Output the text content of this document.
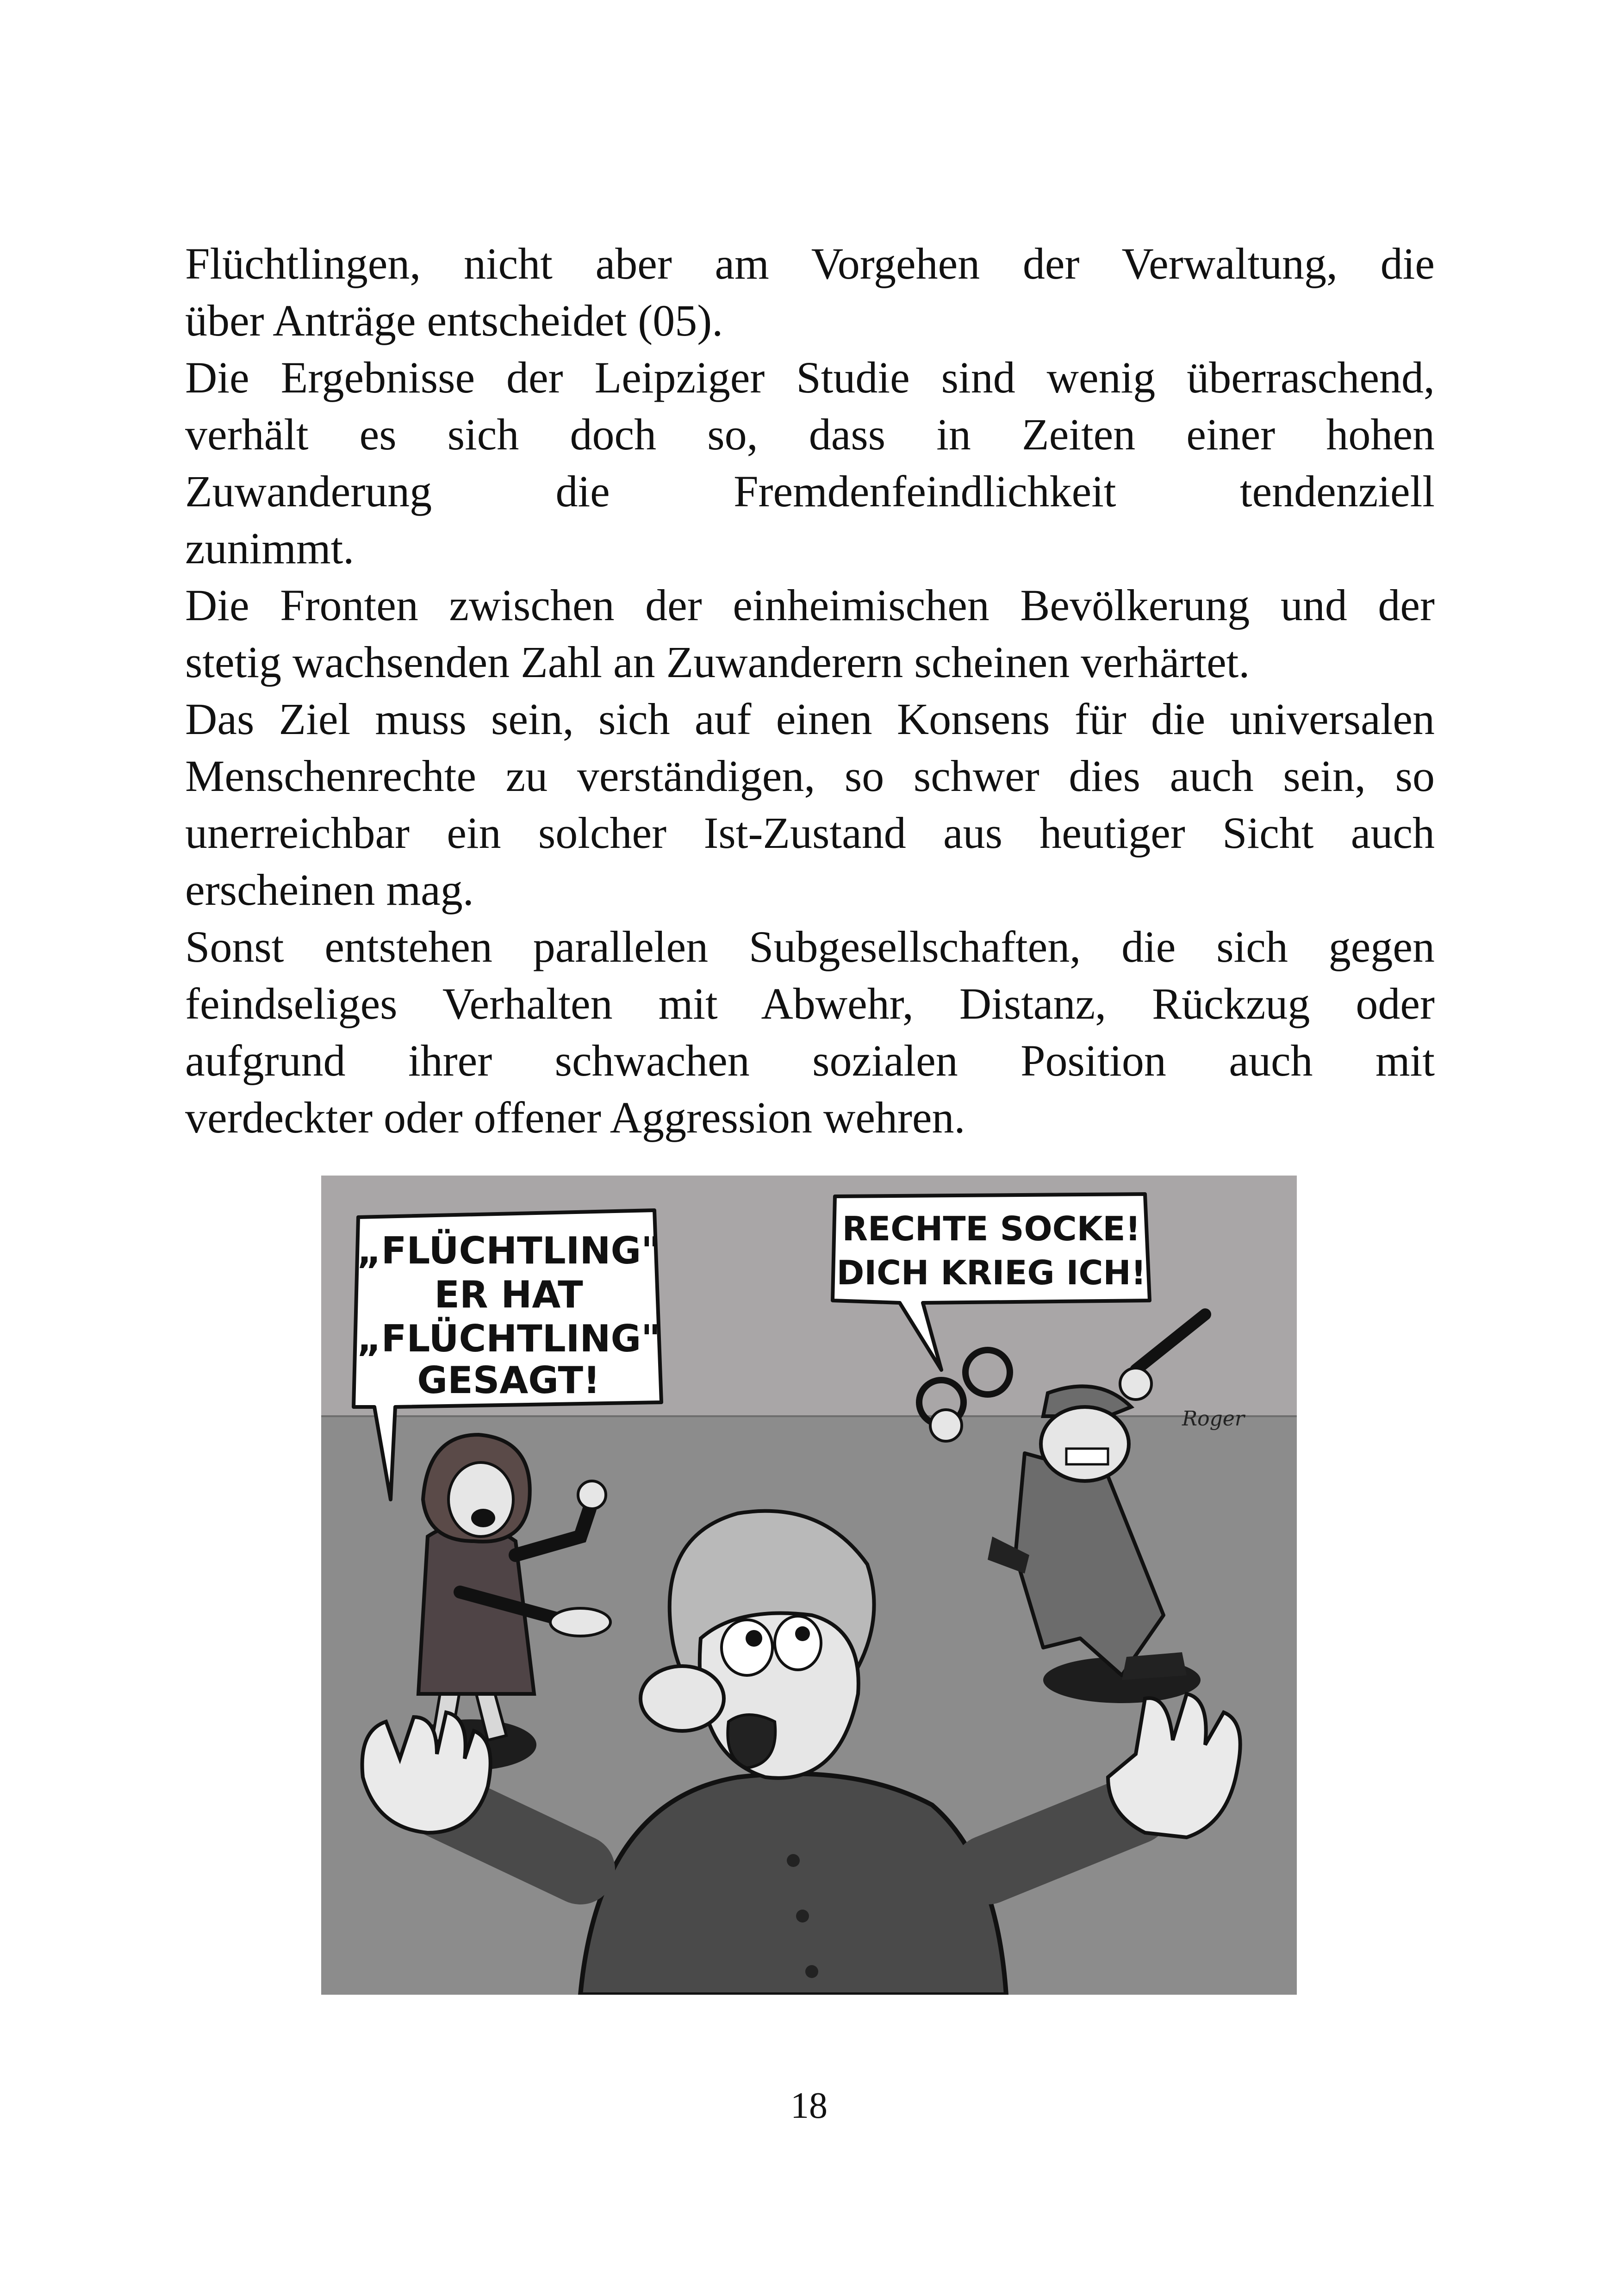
Flüchtlingen, nicht aber am Vorgehen der Verwaltung, die
über Anträge entscheidet (05).
Die Ergebnisse der Leipziger Studie sind wenig überraschend,
verhält es sich doch so, dass in Zeiten einer hohen
Zuwanderung die Fremdenfeindlichkeit tendenziell
zunimmt.
Die Fronten zwischen der einheimischen Bevölkerung und der
stetig wachsenden Zahl an Zuwanderern scheinen verhärtet.
Das Ziel muss sein, sich auf einen Konsens für die universalen
Menschenrechte zu verständigen, so schwer dies auch sein, so
unerreichbar ein solcher Ist-Zustand aus heutiger Sicht auch
erscheinen mag.
Sonst entstehen parallelen Subgesellschaften, die sich gegen
feindseliges Verhalten mit Abwehr, Distanz, Rückzug oder
aufgrund ihrer schwachen sozialen Position auch mit
verdeckter oder offener Aggression wehren.

„FLÜCHTLING"
ER HAT
„FLÜCHTLING"
GESAGT!
RECHTE SOCKE!
DICH KRIEG ICH!
Roger
18
